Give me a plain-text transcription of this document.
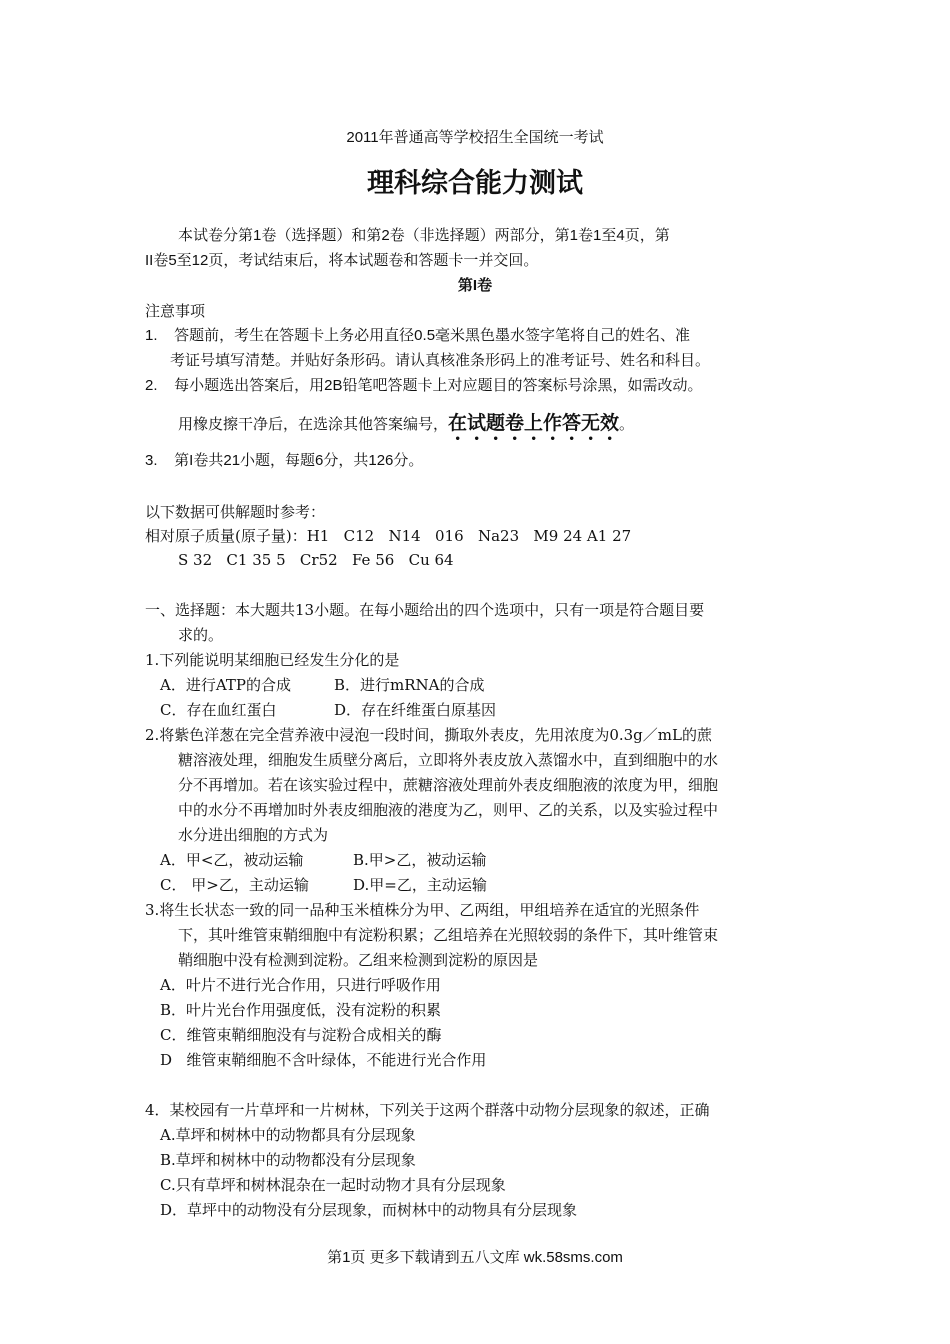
2011年普通高等学校招生全国统一考试
理科综合能力测试
本试卷分第1卷（选择题）和第2卷（非选择题）两部分，第1卷1至4页，第
II卷5至12页，考试结束后，将本试题卷和答题卡一并交回。
第I卷
注意事项
1.    答题前，考生在答题卡上务必用直径0.5毫米黑色墨水签字笔将自己的姓名、准
考证号填写清楚。并贴好条形码。请认真核准条形码上的准考证号、姓名和科目。
2.    每小题选出答案后，用2B铅笔吧答题卡上对应题目的答案标号涂黑，如需改动。
用橡皮擦干净后，在选涂其他答案编号，在试题卷上作答无效。
3.    第I卷共21小题，每题6分，共126分。
以下数据可供解题时参考：
相对原子质量(原子量)：H1   C12   N14   016   Na23   M9 24 A1 27
S 32   C1 35 5   Cr52   Fe 56   Cu 64
一、选择题：本大题共13小题。在每小题给出的四个选项中，只有一项是符合题目要
求的。
1.下列能说明某细胞已经发生分化的是
A．进行ATP的合成	B．进行mRNA的合成
C．存在血红蛋白	D．存在纤维蛋白原基因
2.将紫色洋葱在完全营养液中浸泡一段时间，撕取外表皮，先用浓度为0.3g／mL的蔗
糖溶液处理，细胞发生质壁分离后，立即将外表皮放入蒸馏水中，直到细胞中的水
分不再增加。若在该实验过程中，蔗糖溶液处理前外表皮细胞液的浓度为甲，细胞
中的水分不再增加时外表皮细胞液的港度为乙，则甲、乙的关系，以及实验过程中
水分进出细胞的方式为
A．甲<乙，被动运输	B.甲>乙，被动运输
C． 甲>乙，主动运输	D.甲=乙，主动运输
3.将生长状态一致的同一品种玉米植株分为甲、乙两组，甲组培养在适宜的光照条件
下，其叶维管束鞘细胞中有淀粉积累；乙组培养在光照较弱的条件下，其叶维管束
鞘细胞中没有检测到淀粉。乙组来检测到淀粉的原因是
A．叶片不进行光合作用，只进行呼吸作用
B．叶片光台作用强度低，没有淀粉的积累
C．维管束鞘细胞没有与淀粉合成相关的酶
D   维管束鞘细胞不含叶绿体，不能进行光合作用
4．某校园有一片草坪和一片树林，下列关于这两个群落中动物分层现象的叙述，正确
A.草坪和树林中的动物都具有分层现象
B.草坪和树林中的动物都没有分层现象
C.只有草坪和树林混杂在一起时动物才具有分层现象
D．草坪中的动物没有分层现象，而树林中的动物具有分层现象
第1页 更多下载请到五八文库 wk.58sms.com
